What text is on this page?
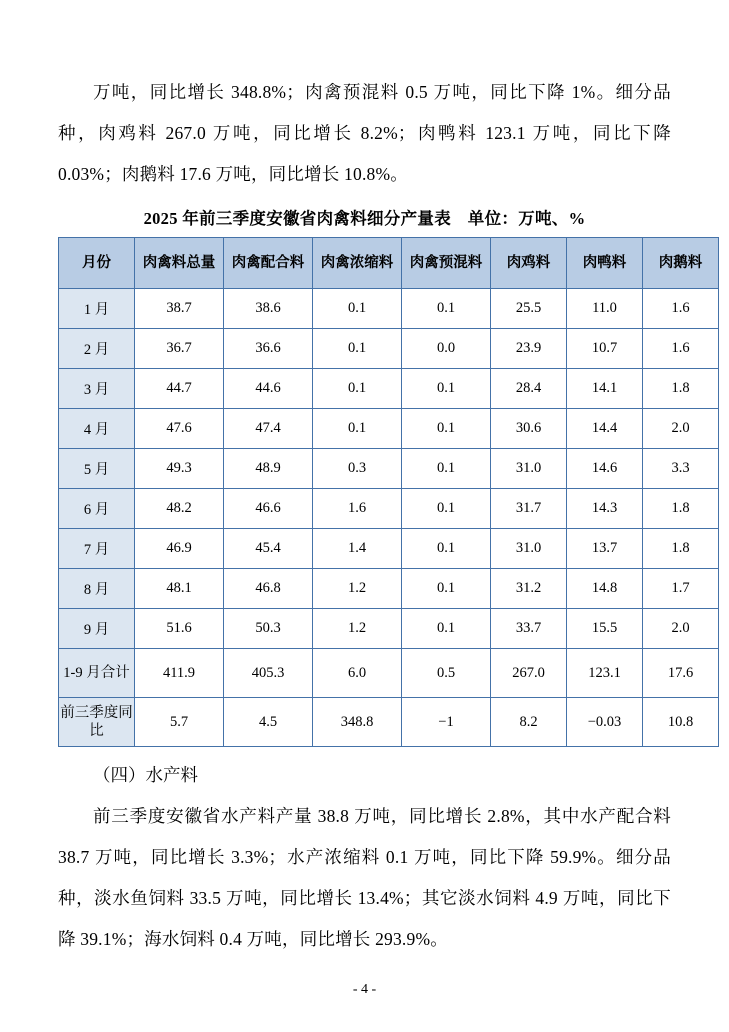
万吨，同比增长 348.8%；肉禽预混料 0.5 万吨，同比下降 1%。细分品种，肉鸡料 267.0 万吨，同比增长 8.2%；肉鸭料 123.1 万吨，同比下降 0.03%；肉鹅料 17.6 万吨，同比增长 10.8%。
2025 年前三季度安徽省肉禽料细分产量表　单位：万吨、%
月份	肉禽料总量	肉禽配合料	肉禽浓缩料	肉禽预混料	肉鸡料	肉鸭料	肉鹅料
1 月	38.7	38.6	0.1	0.1	25.5	11.0	1.6
2 月	36.7	36.6	0.1	0.0	23.9	10.7	1.6
3 月	44.7	44.6	0.1	0.1	28.4	14.1	1.8
4 月	47.6	47.4	0.1	0.1	30.6	14.4	2.0
5 月	49.3	48.9	0.3	0.1	31.0	14.6	3.3
6 月	48.2	46.6	1.6	0.1	31.7	14.3	1.8
7 月	46.9	45.4	1.4	0.1	31.0	13.7	1.8
8 月	48.1	46.8	1.2	0.1	31.2	14.8	1.7
9 月	51.6	50.3	1.2	0.1	33.7	15.5	2.0
1-9 月合计	411.9	405.3	6.0	0.5	267.0	123.1	17.6
前三季度同比	5.7	4.5	348.8	−1	8.2	−0.03	10.8
（四）水产料
前三季度安徽省水产料产量 38.8 万吨，同比增长 2.8%，其中水产配合料 38.7 万吨，同比增长 3.3%；水产浓缩料 0.1 万吨，同比下降 59.9%。细分品种，淡水鱼饲料 33.5 万吨，同比增长 13.4%；其它淡水饲料 4.9 万吨，同比下降 39.1%；海水饲料 0.4 万吨，同比增长 293.9%。
- 4 -
